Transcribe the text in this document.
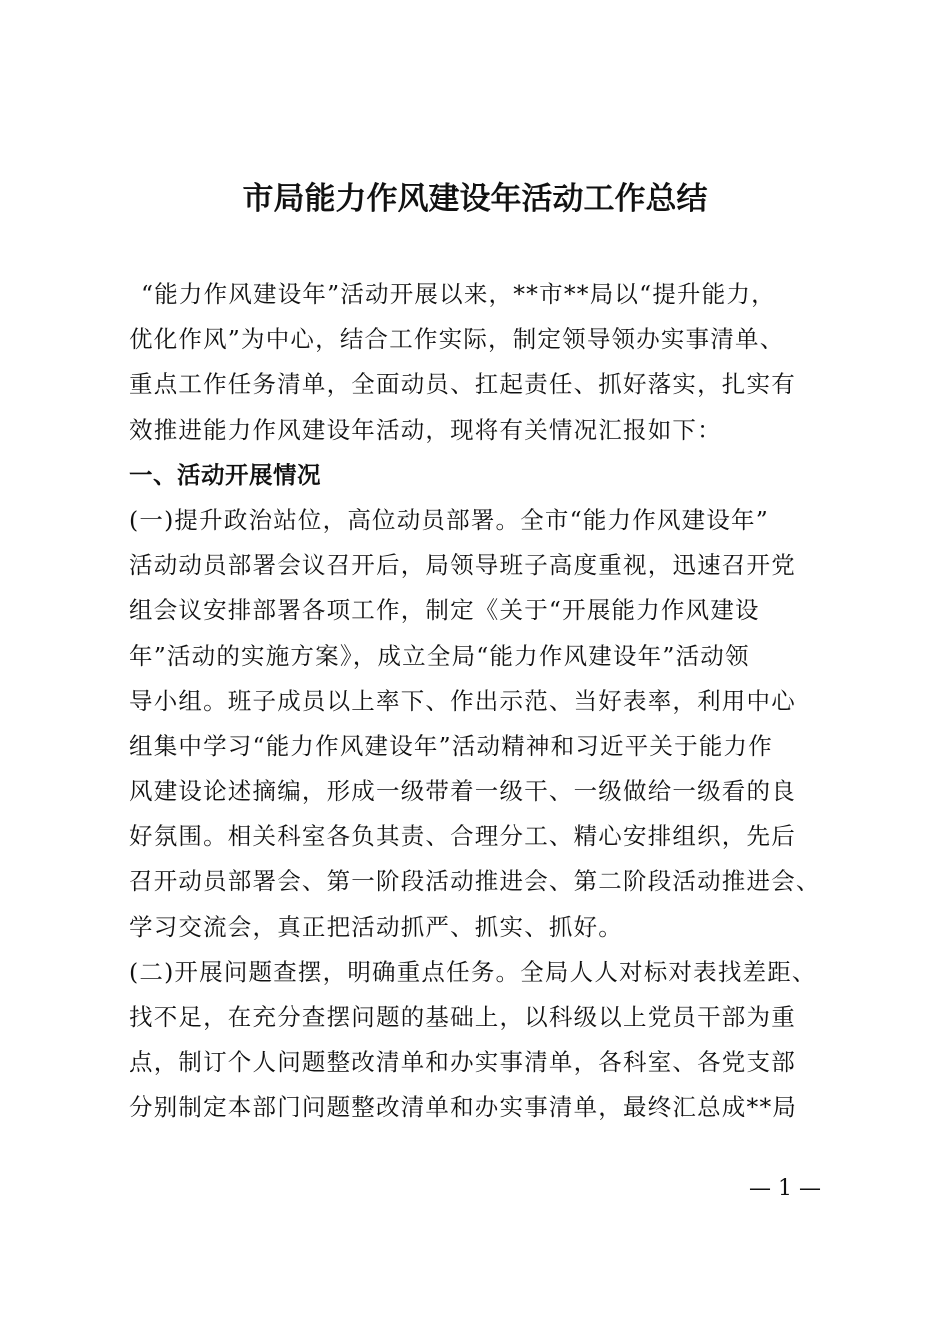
市局能力作风建设年活动工作总结
“能力作风建设年”活动开展以来，**市**局以“提升能力，
优化作风”为中心，结合工作实际，制定领导领办实事清单、
重点工作任务清单，全面动员、扛起责任、抓好落实，扎实有
效推进能力作风建设年活动，现将有关情况汇报如下：
一、活动开展情况
(一)提升政治站位，高位动员部署。全市“能力作风建设年”
活动动员部署会议召开后，局领导班子高度重视，迅速召开党
组会议安排部署各项工作，制定《关于“开展能力作风建设
年”活动的实施方案》，成立全局“能力作风建设年”活动领
导小组。班子成员以上率下、作出示范、当好表率，利用中心
组集中学习“能力作风建设年”活动精神和习近平关于能力作
风建设论述摘编，形成一级带着一级干、一级做给一级看的良
好氛围。相关科室各负其责、合理分工、精心安排组织，先后
召开动员部署会、第一阶段活动推进会、第二阶段活动推进会、
学习交流会，真正把活动抓严、抓实、抓好。
(二)开展问题查摆，明确重点任务。全局人人对标对表找差距、
找不足，在充分查摆问题的基础上，以科级以上党员干部为重
点，制订个人问题整改清单和办实事清单，各科室、各党支部
分别制定本部门问题整改清单和办实事清单，最终汇总成**局
— 1 —
